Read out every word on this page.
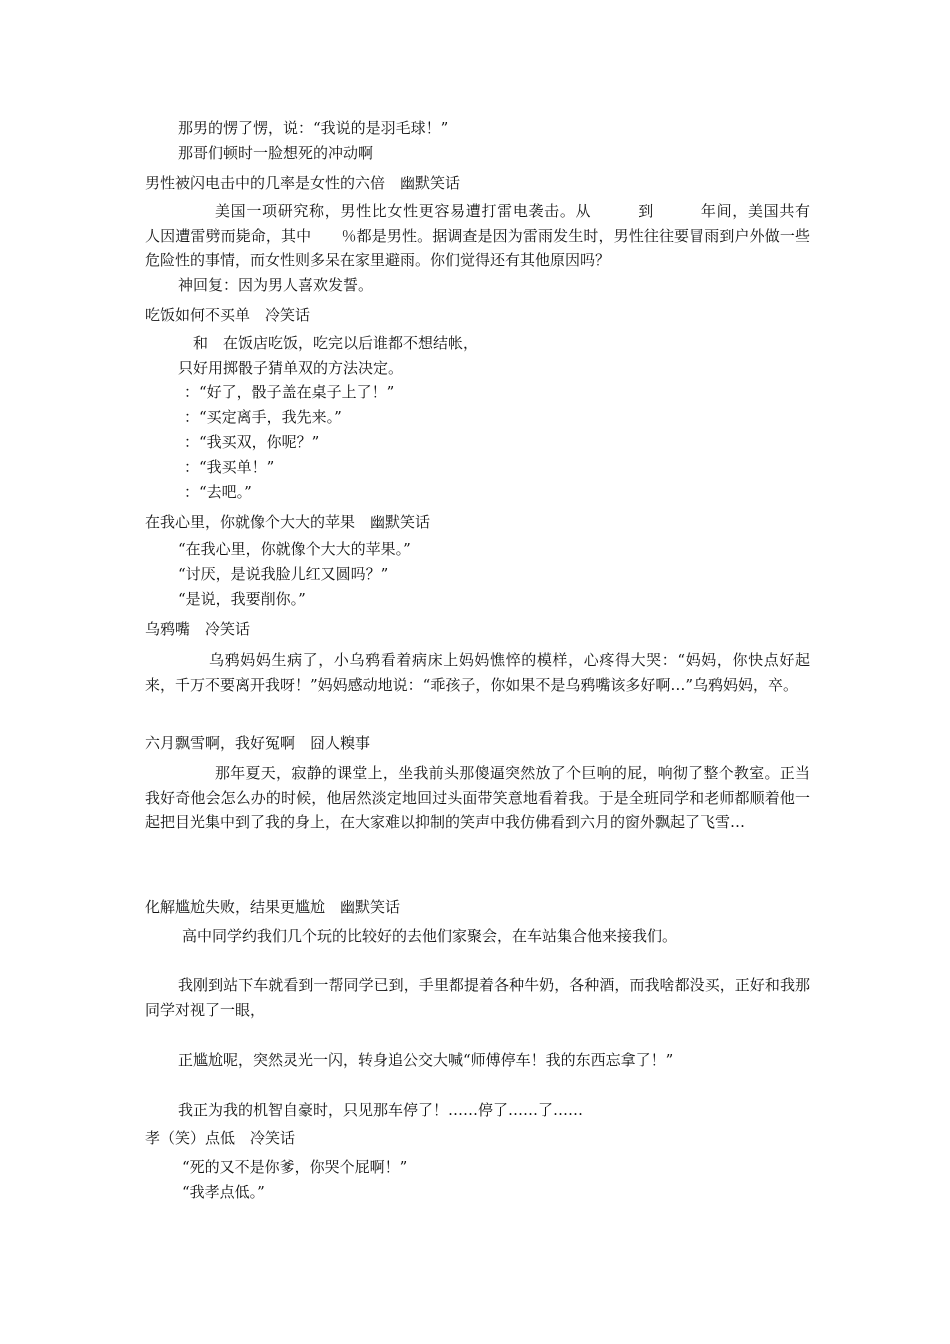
那男的愣了愣，说：“我说的是羽毛球！”

那哥们顿时一脸想死的冲动啊

男性被闪电击中的几率是女性的六倍　幽默笑话

美国一项研究称，男性比女性更容易遭打雷电袭击。从　　　到　　　年间，美国共有　　　人因遭雷劈而毙命，其中　　％都是男性。据调查是因为雷雨发生时，男性往往要冒雨到户外做一些危险性的事情，而女性则多呆在家里避雨。你们觉得还有其他原因吗？

神回复：因为男人喜欢发誓。

吃饭如何不买单　冷笑话

　和　在饭店吃饭，吃完以后谁都不想结帐，

只好用掷骰子猜单双的方法决定。

：“好了，骰子盖在桌子上了！”

：“买定离手，我先来。”

：“我买双，你呢？”

：“我买单！”

：“去吧。”

在我心里，你就像个大大的苹果　幽默笑话

“在我心里，你就像个大大的苹果。”

“讨厌，是说我脸儿红又圆吗？”

“是说，我要削你。”

乌鸦嘴　冷笑话

乌鸦妈妈生病了，小乌鸦看着病床上妈妈憔悴的模样，心疼得大哭：“妈妈，你快点好起来，千万不要离开我呀！”妈妈感动地说：“乖孩子，你如果不是乌鸦嘴该多好啊…”乌鸦妈妈，卒。

六月飘雪啊，我好冤啊　囧人糗事

那年夏天，寂静的课堂上，坐我前头那傻逼突然放了个巨响的屁，响彻了整个教室。正当我好奇他会怎么办的时候，他居然淡定地回过头面带笑意地看着我。于是全班同学和老师都顺着他一起把目光集中到了我的身上，在大家难以抑制的笑声中我仿佛看到六月的窗外飘起了飞雪…

化解尴尬失败，结果更尴尬　幽默笑话

高中同学约我们几个玩的比较好的去他们家聚会，在车站集合他来接我们。

我刚到站下车就看到一帮同学已到，手里都提着各种牛奶，各种酒，而我啥都没买，正好和我那同学对视了一眼，

正尴尬呢，突然灵光一闪，转身追公交大喊“师傅停车！我的东西忘拿了！”

我正为我的机智自豪时，只见那车停了！……停了……了……

孝（笑）点低　冷笑话

“死的又不是你爹，你哭个屁啊！”

“我孝点低。”
